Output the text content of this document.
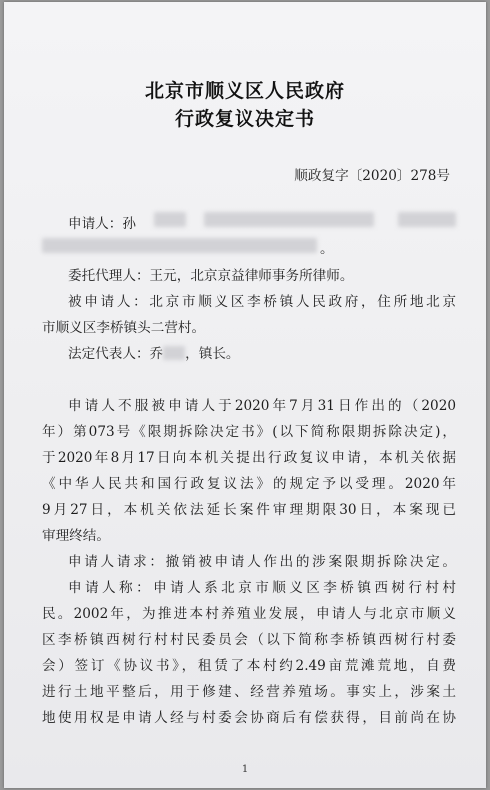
北京市顺义区人民政府
行政复议决定书
顺政复字〔2020〕278号
申请人：孙
。
委托代理人：王元，北京京益律师事务所律师。
被申请人：北京市顺义区李桥镇人民政府，住所地北京
市顺义区李桥镇头二营村。
法定代表人：乔 ，镇长。
申请人不服被申请人于2020年7月31日作出的（2020
年）第073号《限期拆除决定书》(以下简称限期拆除决定)，
于2020年8月17日向本机关提出行政复议申请，本机关依据
《中华人民共和国行政复议法》的规定予以受理。2020年
9月27日，本机关依法延长案件审理期限30日，本案现已
审理终结。
申请人请求：撤销被申请人作出的涉案限期拆除决定。
申请人称：申请人系北京市顺义区李桥镇西树行村村
民。2002年，为推进本村养殖业发展，申请人与北京市顺义
区李桥镇西树行村村民委员会（以下简称李桥镇西树行村委
会）签订《协议书》，租赁了本村约2.49亩荒滩荒地，自费
进行土地平整后，用于修建、经营养殖场。事实上，涉案土
地使用权是申请人经与村委会协商后有偿获得，目前尚在协
1
